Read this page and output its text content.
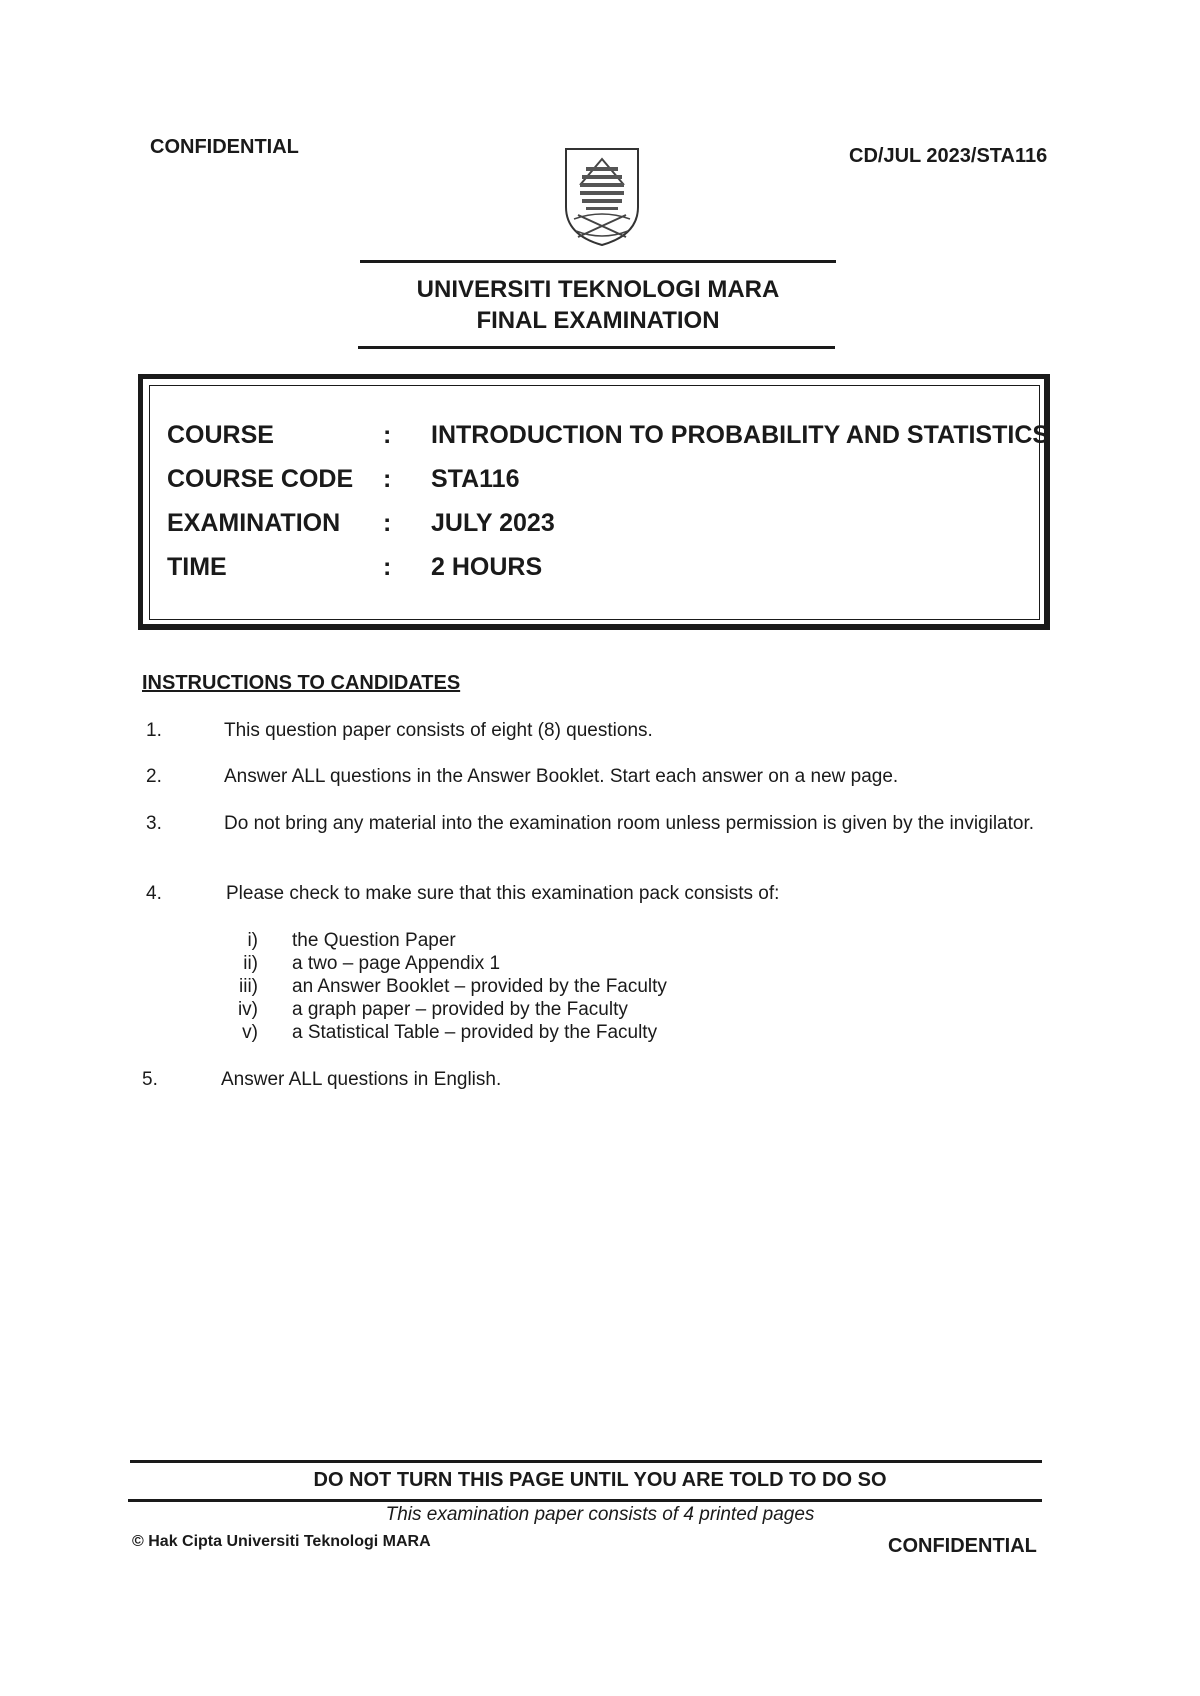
CONFIDENTIAL	CD/JUL 2023/STA116
UNIVERSITI TEKNOLOGI MARA
FINAL EXAMINATION
COURSE	: INTRODUCTION TO PROBABILITY AND STATISTICS
COURSE CODE : STA116
EXAMINATION : JULY 2023
TIME	: 2 HOURS
INSTRUCTIONS TO CANDIDATES
1.	This question paper consists of eight (8) questions.
2.	Answer ALL questions in the Answer Booklet. Start each answer on a new page.
3.	Do not bring any material into the examination room unless permission is given by the invigilator.
4.	Please check to make sure that this examination pack consists of:
i) the Question Paper
ii) a two – page Appendix 1
iii) an Answer Booklet – provided by the Faculty
iv) a graph paper – provided by the Faculty
v) a Statistical Table – provided by the Faculty
5.	Answer ALL questions in English.
DO NOT TURN THIS PAGE UNTIL YOU ARE TOLD TO DO SO
This examination paper consists of 4 printed pages
© Hak Cipta Universiti Teknologi MARA	CONFIDENTIAL
